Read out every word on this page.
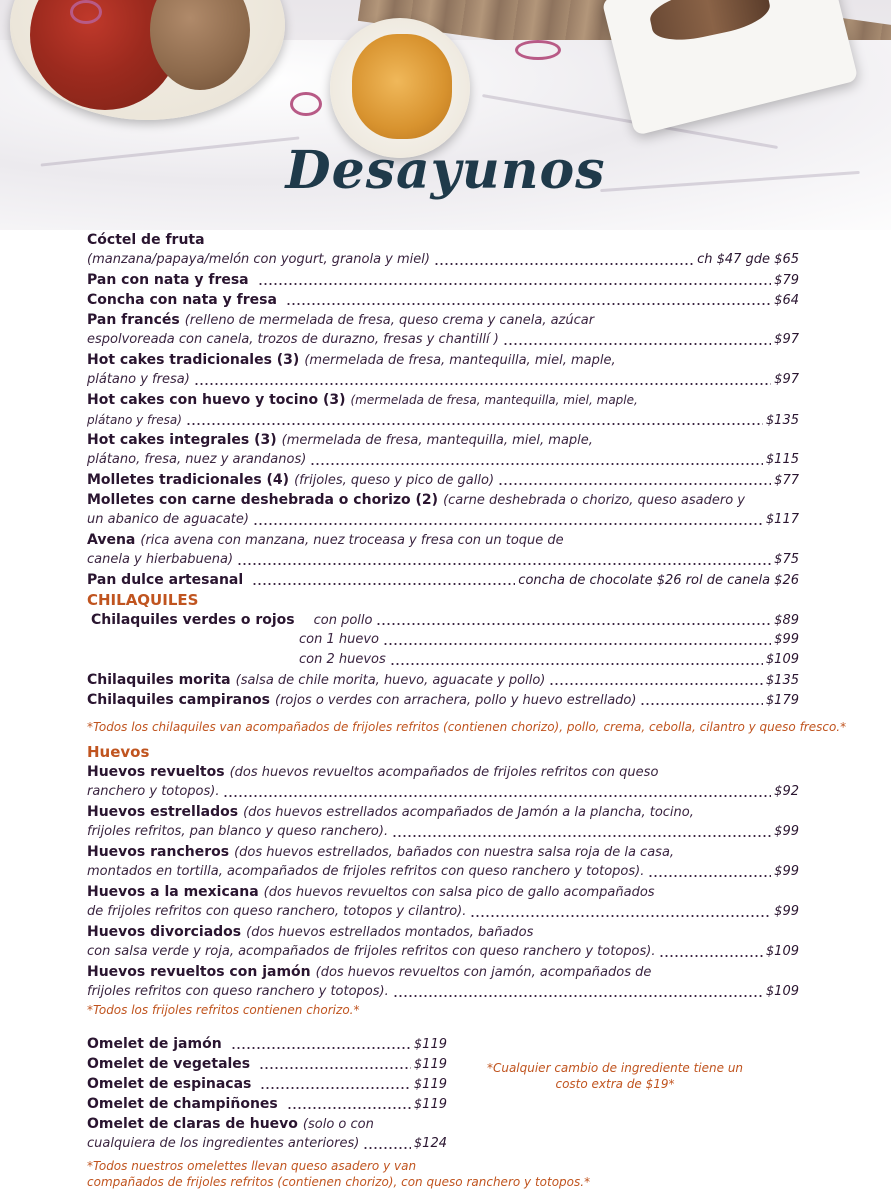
Desayunos
Cóctel de fruta
(manzana/papaya/melón con yogurt, granola y miel)	ch $47 gde $65
Pan con nata y fresa	$79
Concha con nata y fresa	$64
Pan francés (relleno de mermelada de fresa, queso crema y canela, azúcar
espolvoreada con canela, trozos de durazno, fresas y chantillí )	$97
Hot cakes tradicionales (3) (mermelada de fresa, mantequilla, miel, maple,
plátano y fresa)	$97
Hot cakes con huevo y tocino (3) (mermelada de fresa, mantequilla, miel, maple,
plátano y fresa)	$135
Hot cakes integrales (3) (mermelada de fresa, mantequilla, miel, maple,
plátano, fresa, nuez y arandanos)	$115
Molletes tradicionales (4) (frijoles, queso y pico de gallo)	$77
Molletes con carne deshebrada o chorizo (2) (carne deshebrada o chorizo, queso asadero y
un abanico de aguacate)	$117
Avena (rica avena con manzana, nuez troceasa y fresa con un toque de
canela y hierbabuena)	$75
Pan dulce artesanal	concha de chocolate $26 rol de canela $26
CHILAQUILES
Chilaquiles verdes o rojos con pollo	$89
con 1 huevo	$99
con 2 huevos	$109
Chilaquiles morita (salsa de chile morita, huevo, aguacate y pollo)	$135
Chilaquiles campiranos (rojos o verdes con arrachera, pollo y huevo estrellado)	$179
*Todos los chilaquiles van acompañados de frijoles refritos (contienen chorizo), pollo, crema, cebolla, cilantro y queso fresco.*
Huevos
Huevos revueltos (dos huevos revueltos acompañados de frijoles refritos con queso
ranchero y totopos).	$92
Huevos estrellados (dos huevos estrellados acompañados de Jamón a la plancha, tocino,
frijoles refritos, pan blanco y queso ranchero).	$99
Huevos rancheros (dos huevos estrellados, bañados con nuestra salsa roja de la casa,
montados en tortilla, acompañados de frijoles refritos con queso ranchero y totopos).	$99
Huevos a la mexicana (dos huevos revueltos con salsa pico de gallo acompañados
de frijoles refritos con queso ranchero, totopos y cilantro).	$99
Huevos divorciados (dos huevos estrellados montados, bañados
con salsa verde y roja, acompañados de frijoles refritos con queso ranchero y totopos).	$109
Huevos revueltos con jamón (dos huevos revueltos con jamón, acompañados de
frijoles refritos con queso ranchero y totopos).	$109
*Todos los frijoles refritos contienen chorizo.*
Omelet de jamón	$119
Omelet de vegetales	$119
Omelet de espinacas	$119
Omelet de champiñones	$119
Omelet de claras de huevo (solo o con
cualquiera de los ingredientes anteriores)	$124
*Cualquier cambio de ingrediente tiene un costo extra de $19*
*Todos nuestros omelettes llevan queso asadero y van
compañados de frijoles refritos (contienen chorizo), con queso ranchero y totopos.*
